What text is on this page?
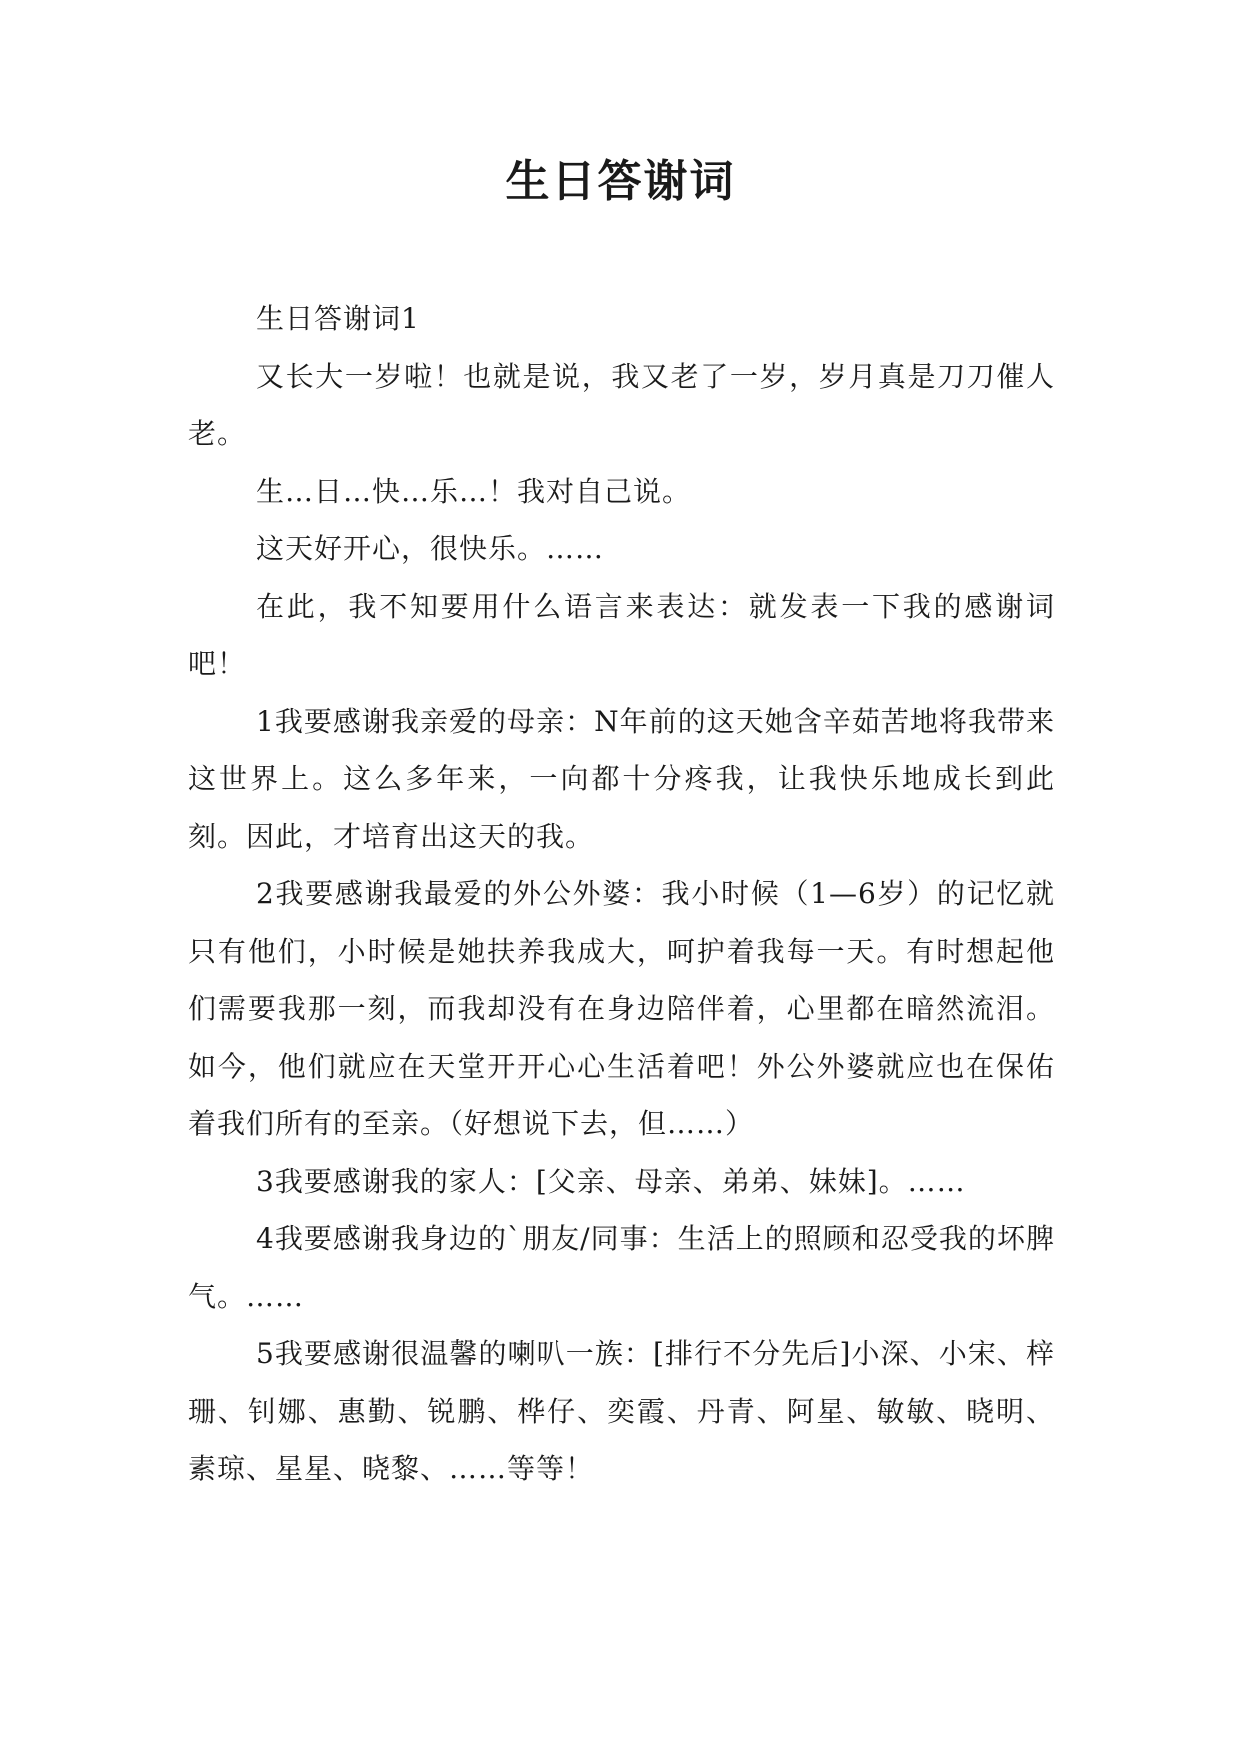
生日答谢词

生日答谢词1

又长大一岁啦！也就是说，我又老了一岁，岁月真是刀刀催人老。

生…日…快…乐…！我对自己说。

这天好开心，很快乐。……

在此，我不知要用什么语言来表达：就发表一下我的感谢词吧！

1我要感谢我亲爱的母亲：N年前的这天她含辛茹苦地将我带来这世界上。这么多年来，一向都十分疼我，让我快乐地成长到此刻。因此，才培育出这天的我。

2我要感谢我最爱的外公外婆：我小时候（1—6岁）的记忆就只有他们，小时候是她扶养我成大，呵护着我每一天。有时想起他们需要我那一刻，而我却没有在身边陪伴着，心里都在暗然流泪。如今，他们就应在天堂开开心心生活着吧！外公外婆就应也在保佑着我们所有的至亲。（好想说下去，但……）

3我要感谢我的家人：[父亲、母亲、弟弟、妹妹]。……

4我要感谢我身边的`朋友/同事：生活上的照顾和忍受我的坏脾气。……

5我要感谢很温馨的喇叭一族：[排行不分先后]小深、小宋、梓珊、钊娜、惠勤、锐鹏、桦仔、奕霞、丹青、阿星、敏敏、晓明、素琼、星星、晓黎、……等等！
